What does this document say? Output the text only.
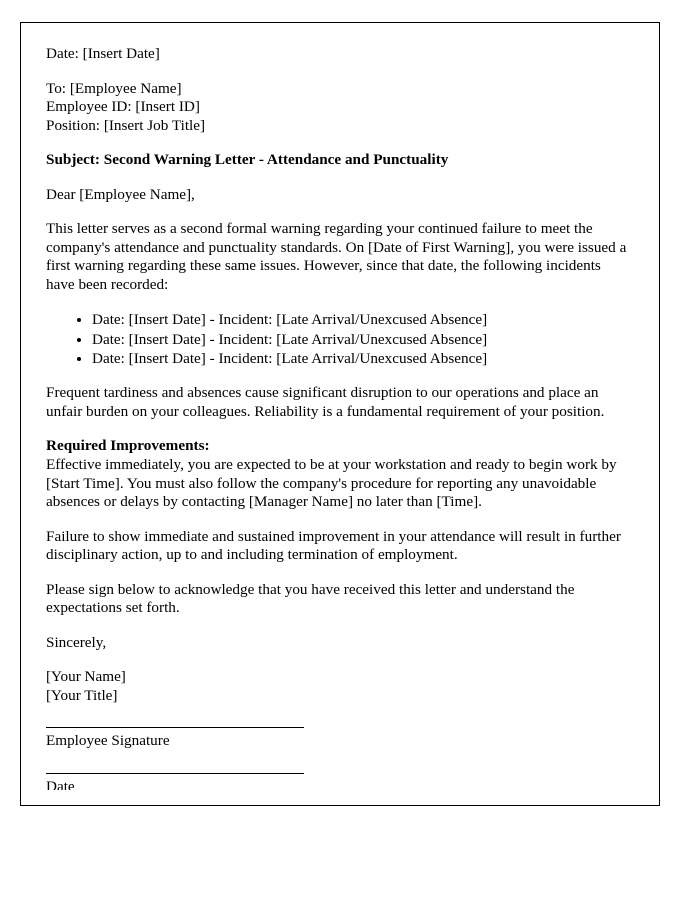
Date: [Insert Date]

To: [Employee Name]

Employee ID: [Insert ID]

Position: [Insert Job Title]

Subject: Second Warning Letter - Attendance and Punctuality

Dear [Employee Name],

This letter serves as a second formal warning regarding your continued failure to meet the company's attendance and punctuality standards. On [Date of First Warning], you were issued a first warning regarding these same issues. However, since that date, the following incidents have been recorded:

• Date: [Insert Date] - Incident: [Late Arrival/Unexcused Absence]
• Date: [Insert Date] - Incident: [Late Arrival/Unexcused Absence]
• Date: [Insert Date] - Incident: [Late Arrival/Unexcused Absence]

Frequent tardiness and absences cause significant disruption to our operations and place an unfair burden on your colleagues. Reliability is a fundamental requirement of your position.

Required Improvements:

Effective immediately, you are expected to be at your workstation and ready to begin work by [Start Time]. You must also follow the company's procedure for reporting any unavoidable absences or delays by contacting [Manager Name] no later than [Time].

Failure to show immediate and sustained improvement in your attendance will result in further disciplinary action, up to and including termination of employment.

Please sign below to acknowledge that you have received this letter and understand the expectations set forth.

Sincerely,

[Your Name]

[Your Title]

Employee Signature

Date
